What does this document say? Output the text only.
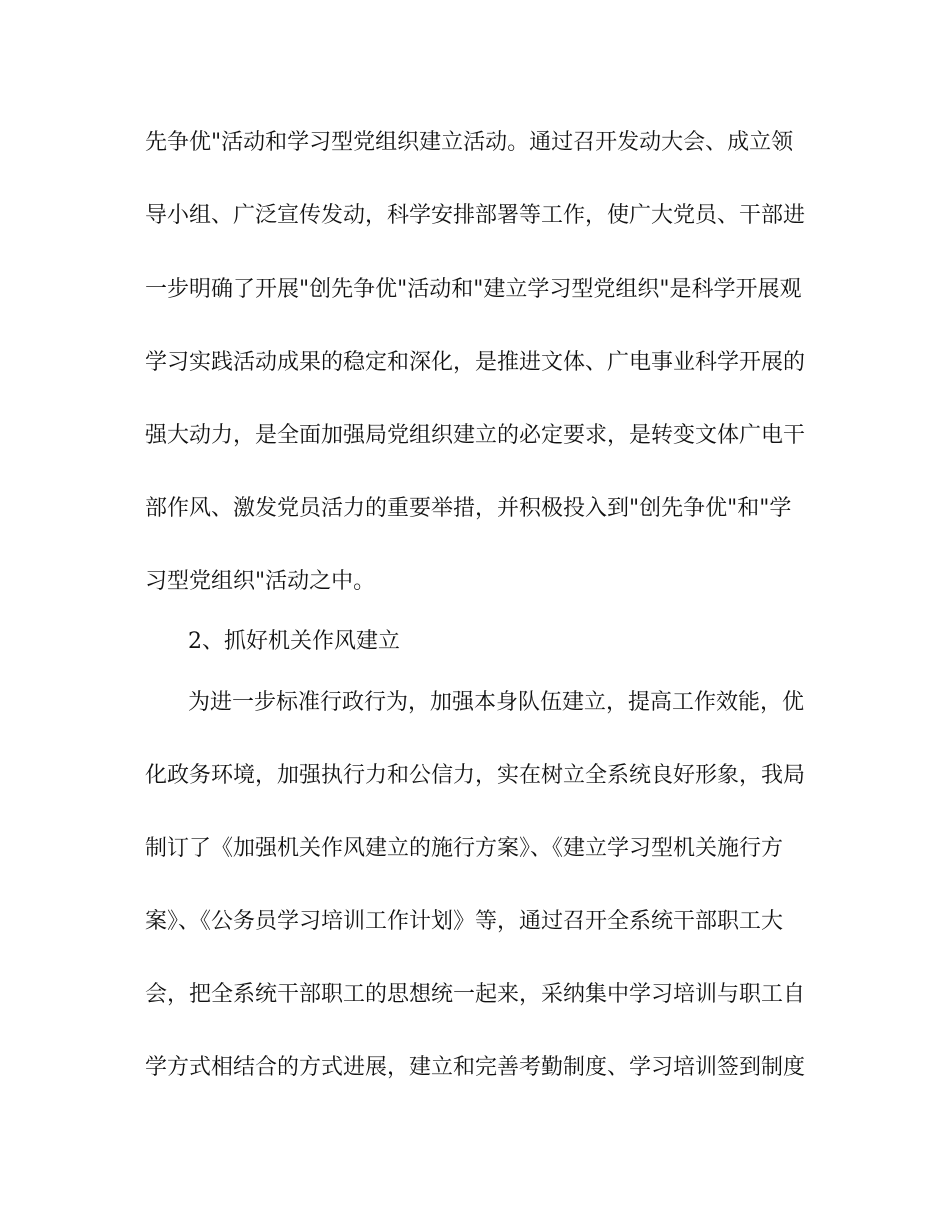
先争优"活动和学习型党组织建立活动。通过召开发动大会、成立领
导小组、广泛宣传发动，科学安排部署等工作，使广大党员、干部进
一步明确了开展"创先争优"活动和"建立学习型党组织"是科学开展观
学习实践活动成果的稳定和深化，是推进文体、广电事业科学开展的
强大动力，是全面加强局党组织建立的必定要求，是转变文体广电干
部作风、激发党员活力的重要举措，并积极投入到"创先争优"和"学
习型党组织"活动之中。
2、抓好机关作风建立
为进一步标准行政行为，加强本身队伍建立，提高工作效能，优
化政务环境，加强执行力和公信力，实在树立全系统良好形象，我局
制订了《加强机关作风建立的施行方案》、《建立学习型机关施行方
案》、《公务员学习培训工作计划》等，通过召开全系统干部职工大
会，把全系统干部职工的思想统一起来，采纳集中学习培训与职工自
学方式相结合的方式进展，建立和完善考勤制度、学习培训签到制度
